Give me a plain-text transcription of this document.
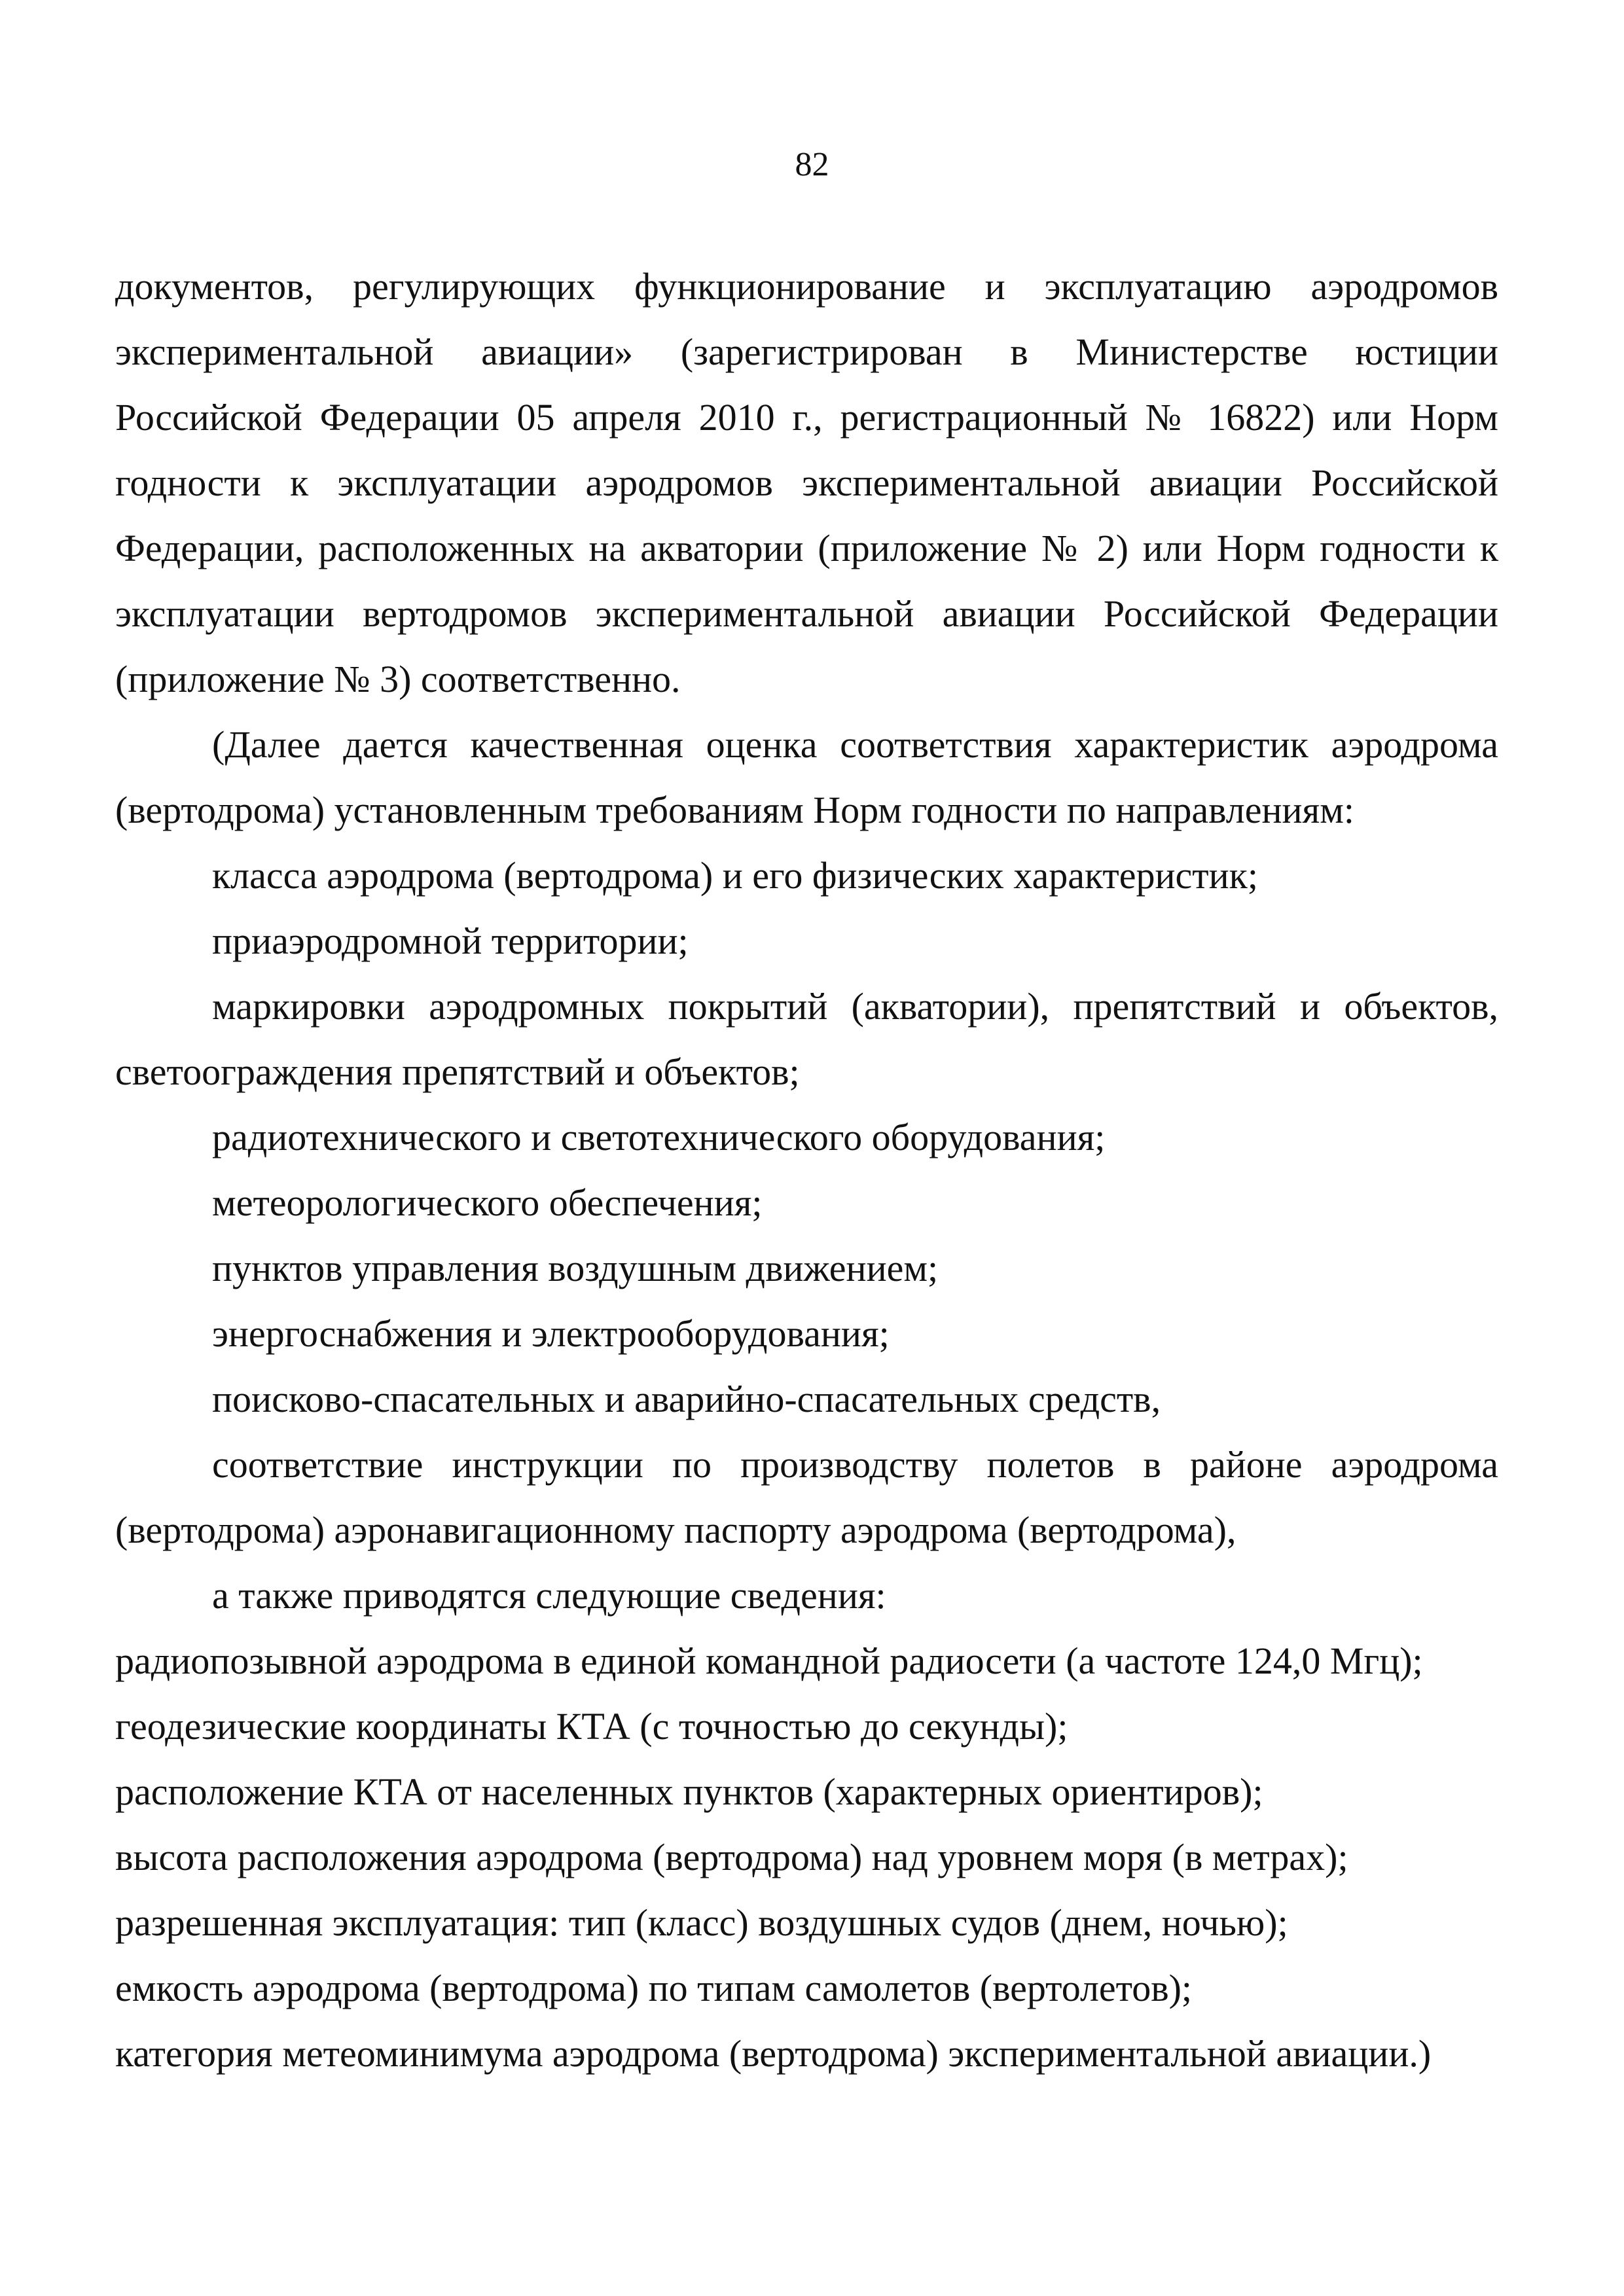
82

документов, регулирующих функционирование и эксплуатацию аэродромов экспериментальной авиации» (зарегистрирован в Министерстве юстиции Российской Федерации 05 апреля 2010 г., регистрационный № 16822) или Норм годности к эксплуатации аэродромов экспериментальной авиации Российской Федерации, расположенных на акватории (приложение № 2) или Норм годности к эксплуатации вертодромов экспериментальной авиации Российской Федерации (приложение № 3) соответственно.

(Далее дается качественная оценка соответствия характеристик аэродрома (вертодрома) установленным требованиям Норм годности по направлениям:

класса аэродрома (вертодрома) и его физических характеристик;

приаэродромной территории;

маркировки аэродромных покрытий (акватории), препятствий и объектов, светоограждения препятствий и объектов;

радиотехнического и светотехнического оборудования;

метеорологического обеспечения;

пунктов управления воздушным движением;

энергоснабжения и электрооборудования;

поисково-спасательных и аварийно-спасательных средств,

соответствие инструкции по производству полетов в районе аэродрома (вертодрома) аэронавигационному паспорту аэродрома (вертодрома),

а также приводятся следующие сведения:

радиопозывной аэродрома в единой командной радиосети (а частоте 124,0 Мгц);

геодезические координаты КТА (с точностью до секунды);

расположение КТА от населенных пунктов (характерных ориентиров);

высота расположения аэродрома (вертодрома) над уровнем моря (в метрах);

разрешенная эксплуатация: тип (класс) воздушных судов (днем, ночью);

емкость аэродрома (вертодрома) по типам самолетов (вертолетов);

категория метеоминимума аэродрома (вертодрома) экспериментальной авиации.)
